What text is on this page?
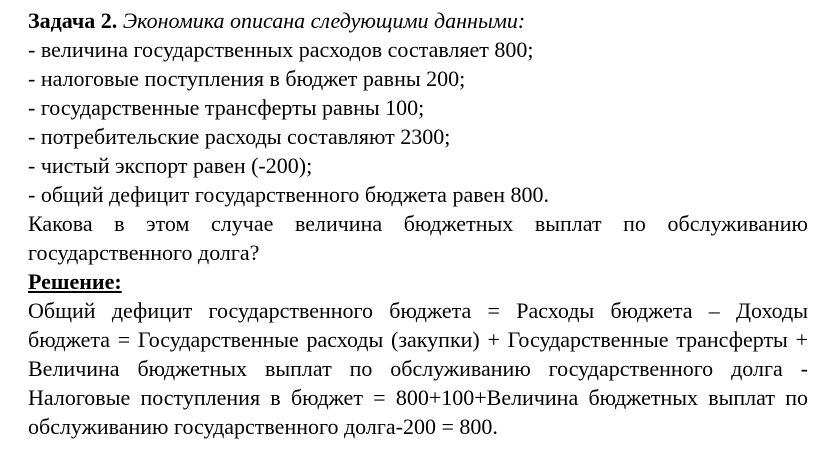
Задача 2. Экономика описана следующими данными:
- величина государственных расходов составляет 800;
- налоговые поступления в бюджет равны 200;
- государственные трансферты равны 100;
- потребительские расходы составляют 2300;
- чистый экспорт равен (-200);
- общий дефицит государственного бюджета равен 800.
Какова в этом случае величина бюджетных выплат по обслуживанию государственного долга?
Решение:
Общий дефицит государственного бюджета = Расходы бюджета – Доходы бюджета = Государственные расходы (закупки) + Государственные трансферты + Величина бюджетных выплат по обслуживанию государственного долга - Налоговые поступления в бюджет = 800+100+Величина бюджетных выплат по обслуживанию государственного долга-200 = 800.
